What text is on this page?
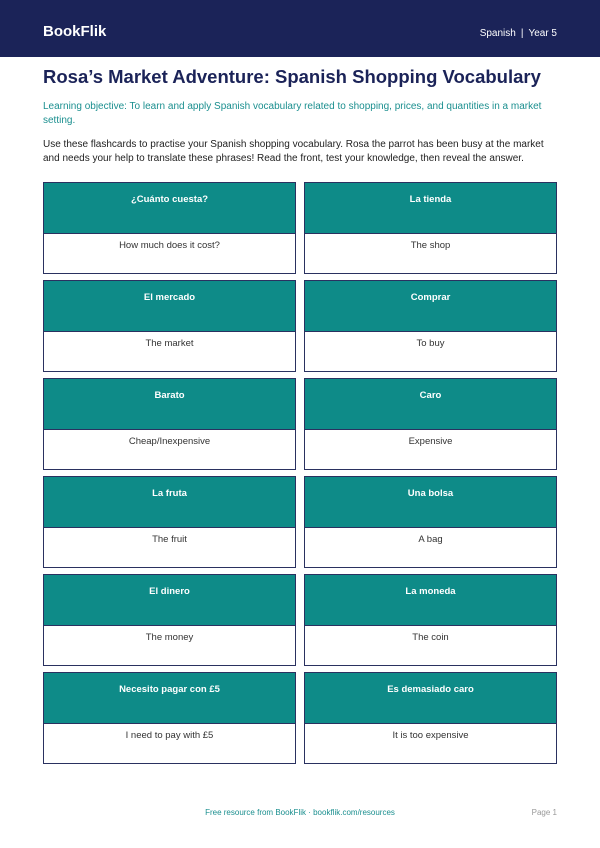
BookFlik	Spanish | Year 5
Rosa’s Market Adventure: Spanish Shopping Vocabulary

Learning objective: To learn and apply Spanish vocabulary related to shopping, prices, and quantities in a market setting.

Use these flashcards to practise your Spanish shopping vocabulary. Rosa the parrot has been busy at the market and needs your help to translate these phrases! Read the front, test your knowledge, then reveal the answer.

¿Cuánto cuesta?
How much does it cost?
La tienda
The shop
El mercado
The market
Comprar
To buy
Barato
Cheap/Inexpensive
Caro
Expensive
La fruta
The fruit
Una bolsa
A bag
El dinero
The money
La moneda
The coin
Necesito pagar con £5
I need to pay with £5
Es demasiado caro
It is too expensive
Free resource from BookFlik · bookflik.com/resources	Page 1
